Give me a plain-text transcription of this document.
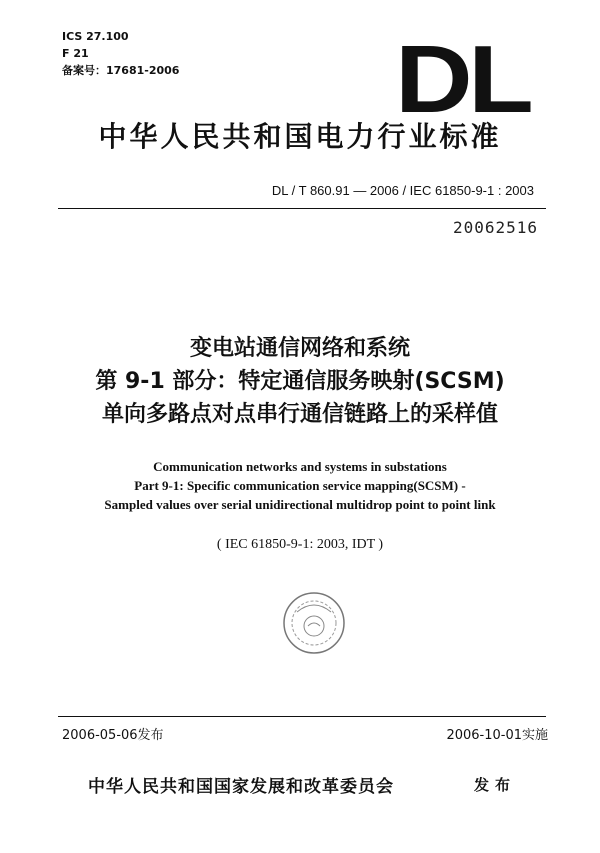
ICS 27.100
F 21
备案号：17681-2006 DL
中华人民共和国电力行业标准
DL / T 860.91 — 2006 / IEC 61850-9-1 : 2003
20062516
变电站通信网络和系统
第 9-1 部分：特定通信服务映射(SCSM)
单向多路点对点串行通信链路上的采样值
Communication networks and systems in substations
Part 9-1: Specific communication service mapping(SCSM) -
Sampled values over serial unidirectional multidrop point to point link
( IEC 61850-9-1: 2003, IDT )
2006-05-06发布	2006-10-01实施
中华人民共和国国家发展和改革委员会	发布
